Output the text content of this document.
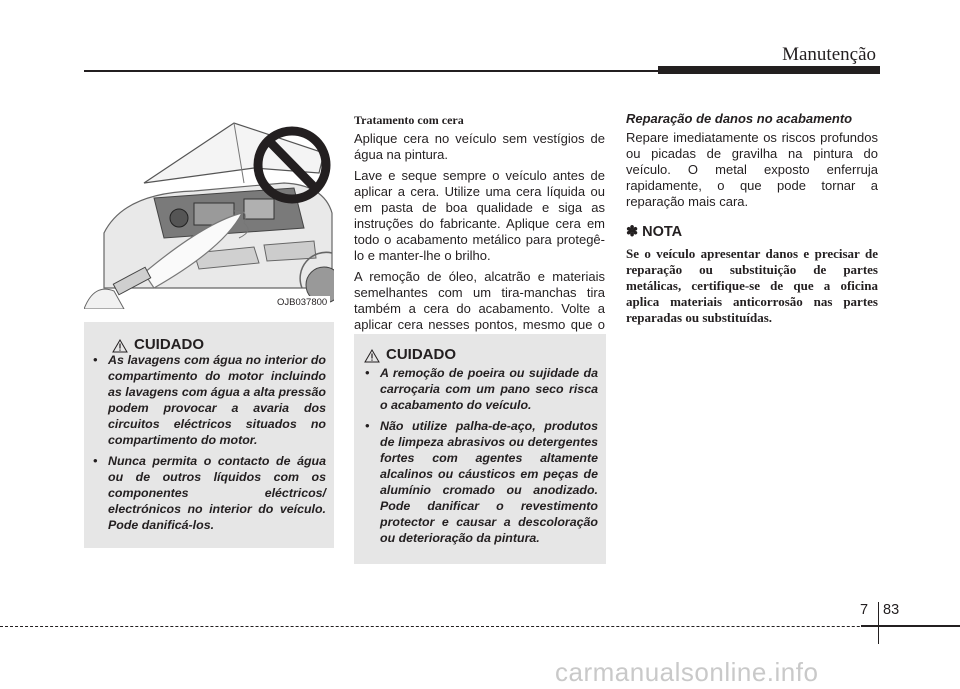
Manutenção
OJB037800
CUIDADO
• As lavagens com água no interior do compartimento do motor incluindo as lavagens com água a alta pressão podem provocar a avaria dos circuitos eléctricos situados no compartimento do motor.
• Nunca permita o contacto de água ou de outros líquidos com os componentes eléctricos/ electrónicos no interior do veículo. Pode danificá-los.
Tratamento com cera

Aplique cera no veículo sem vestígios de água na pintura.

Lave e seque sempre o veículo antes de aplicar a cera. Utilize uma cera líquida ou em pasta de boa qualidade e siga as instruções do fabricante. Aplique cera em todo o acabamento metálico para protegê-lo e manter-lhe o brilho.

A remoção de óleo, alcatrão e materiais semelhantes com um tira-manchas tira também a cera do acabamento. Volte a aplicar cera nesses pontos, mesmo que o

CUIDADO
• A remoção de poeira ou sujidade da carroçaria com um pano seco risca o acabamento do veículo.
• Não utilize palha-de-aço, produtos de limpeza abrasivos ou detergentes fortes com agentes altamente alcalinos ou cáusticos em peças de alumínio cromado ou anodizado. Pode danificar o revestimento protector e causar a descoloração ou deterioração da pintura.
Reparação de danos no acabamento

Repare imediatamente os riscos profundos ou picadas de gravilha na pintura do veículo. O metal exposto enferruja rapidamente, o que pode tornar a reparação mais cara.

✽ NOTA

Se o veículo apresentar danos e precisar de reparação ou substituição de partes metálicas, certifique-se de que a oficina aplica materiais anticorrosão nas partes reparadas ou substituídas.

7 83
carmanualsonline.info
